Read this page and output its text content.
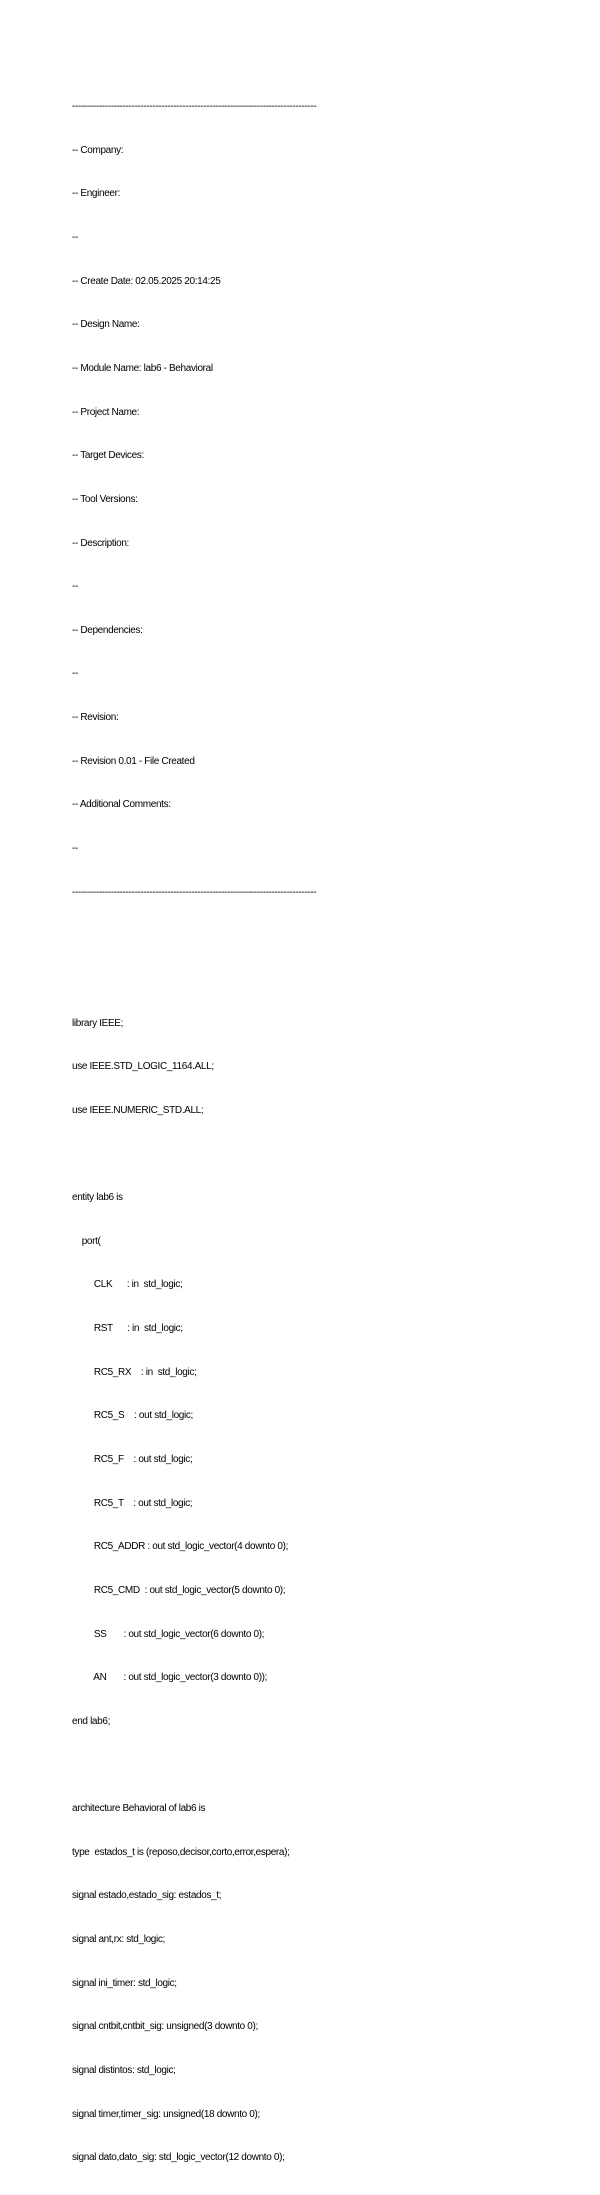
----------------------------------------------------------------------------------

-- Company:

-- Engineer:

--

-- Create Date: 02.05.2025 20:14:25

-- Design Name:

-- Module Name: lab6 - Behavioral

-- Project Name:

-- Target Devices:

-- Tool Versions:

-- Description:

--

-- Dependencies:

--

-- Revision:

-- Revision 0.01 - File Created

-- Additional Comments:

--

----------------------------------------------------------------------------------

library IEEE;

use IEEE.STD_LOGIC_1164.ALL;

use IEEE.NUMERIC_STD.ALL;

entity lab6 is

port(

CLK      : in  std_logic;

RST      : in  std_logic;

RC5_RX    : in  std_logic;

RC5_S    : out std_logic;

RC5_F    : out std_logic;

RC5_T    : out std_logic;

RC5_ADDR : out std_logic_vector(4 downto 0);

RC5_CMD  : out std_logic_vector(5 downto 0);

SS       : out std_logic_vector(6 downto 0);

AN       : out std_logic_vector(3 downto 0));

end lab6;

architecture Behavioral of lab6 is

type  estados_t is (reposo,decisor,corto,error,espera);

signal estado,estado_sig: estados_t;

signal ant,rx: std_logic;

signal ini_timer: std_logic;

signal cntbit,cntbit_sig: unsigned(3 downto 0);

signal distintos: std_logic;

signal timer,timer_sig: unsigned(18 downto 0);

signal dato,dato_sig: std_logic_vector(12 downto 0);
